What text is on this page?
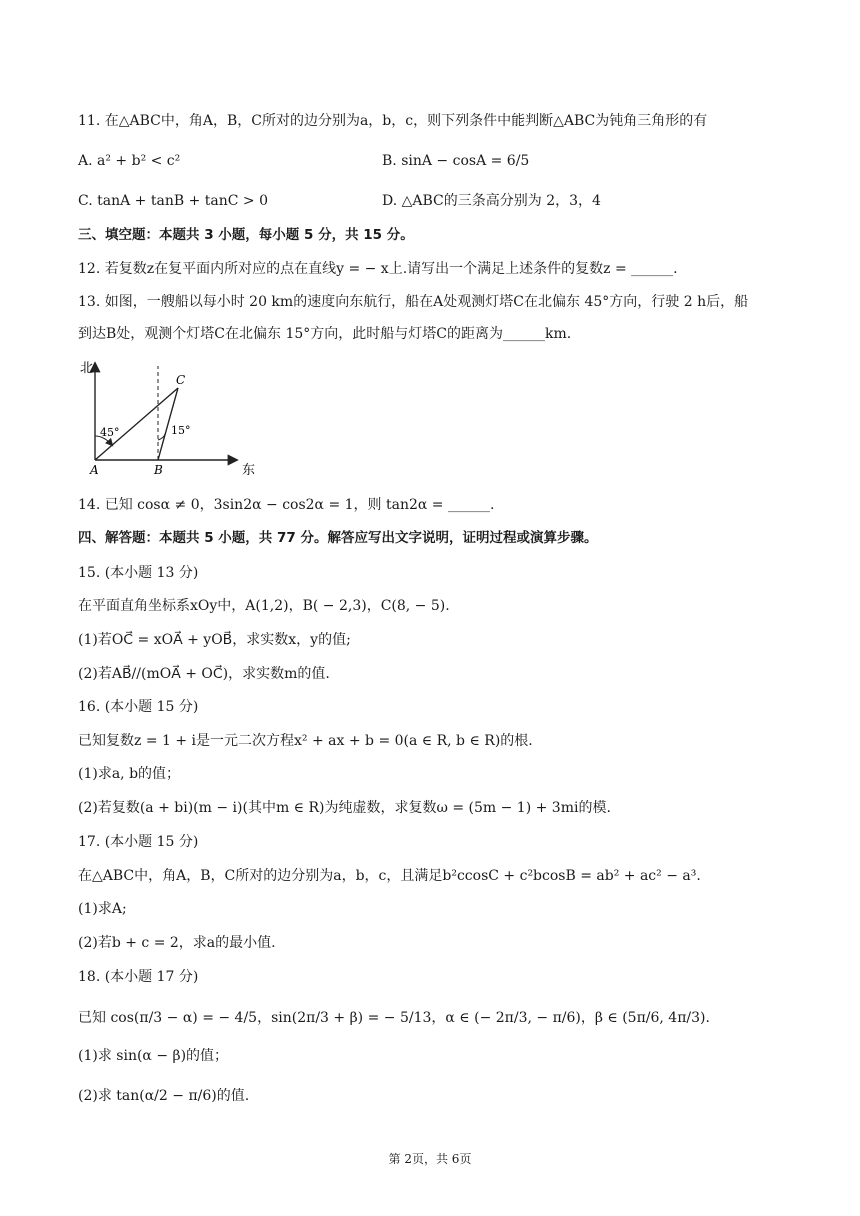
11. 在△ABC中，角A，B，C所对的边分别为a，b，c，则下列条件中能判断△ABC为钝角三角形的有
A. a² + b² < c²	B. sinA − cosA = 6/5
C. tanA + tanB + tanC > 0	D. △ABC的三条高分别为 2，3，4
三、填空题：本题共 3 小题，每小题 5 分，共 15 分。
12. 若复数z在复平面内所对应的点在直线y = − x上.请写出一个满足上述条件的复数z = ______.
13. 如图，一艘船以每小时 20 km的速度向东航行，船在A处观测灯塔C在北偏东 45°方向，行驶 2 h后，船
到达B处，观测个灯塔C在北偏东 15°方向，此时船与灯塔C的距离为______km.
北
东
A	B
C
45°	15°
14. 已知 cosα ≠ 0，3sin2α − cos2α = 1，则 tan2α = ______.
四、解答题：本题共 5 小题，共 77 分。解答应写出文字说明，证明过程或演算步骤。
15. (本小题 13 分)
在平面直角坐标系xOy中，A(1,2)，B( − 2,3)，C(8, − 5).
(1)若OC⃗ = xOA⃗ + yOB⃗，求实数x，y的值;
(2)若AB⃗//(mOA⃗ + OC⃗)，求实数m的值.
16. (本小题 15 分)
已知复数z = 1 + i是一元二次方程x² + ax + b = 0(a ∈ R, b ∈ R)的根.
(1)求a, b的值；
(2)若复数(a + bi)(m − i)(其中m ∈ R)为纯虚数，求复数ω = (5m − 1) + 3mi的模.
17. (本小题 15 分)
在△ABC中，角A，B，C所对的边分别为a，b，c，且满足b²ccosC + c²bcosB = ab² + ac² − a³.
(1)求A;
(2)若b + c = 2，求a的最小值.
18. (本小题 17 分)
已知 cos(π/3 − α) = − 4/5，sin(2π/3 + β) = − 5/13，α ∈ (− 2π/3, − π/6)，β ∈ (5π/6, 4π/3).
(1)求 sin(α − β)的值；
(2)求 tan(α/2 − π/6)的值.
第 2页，共 6页
